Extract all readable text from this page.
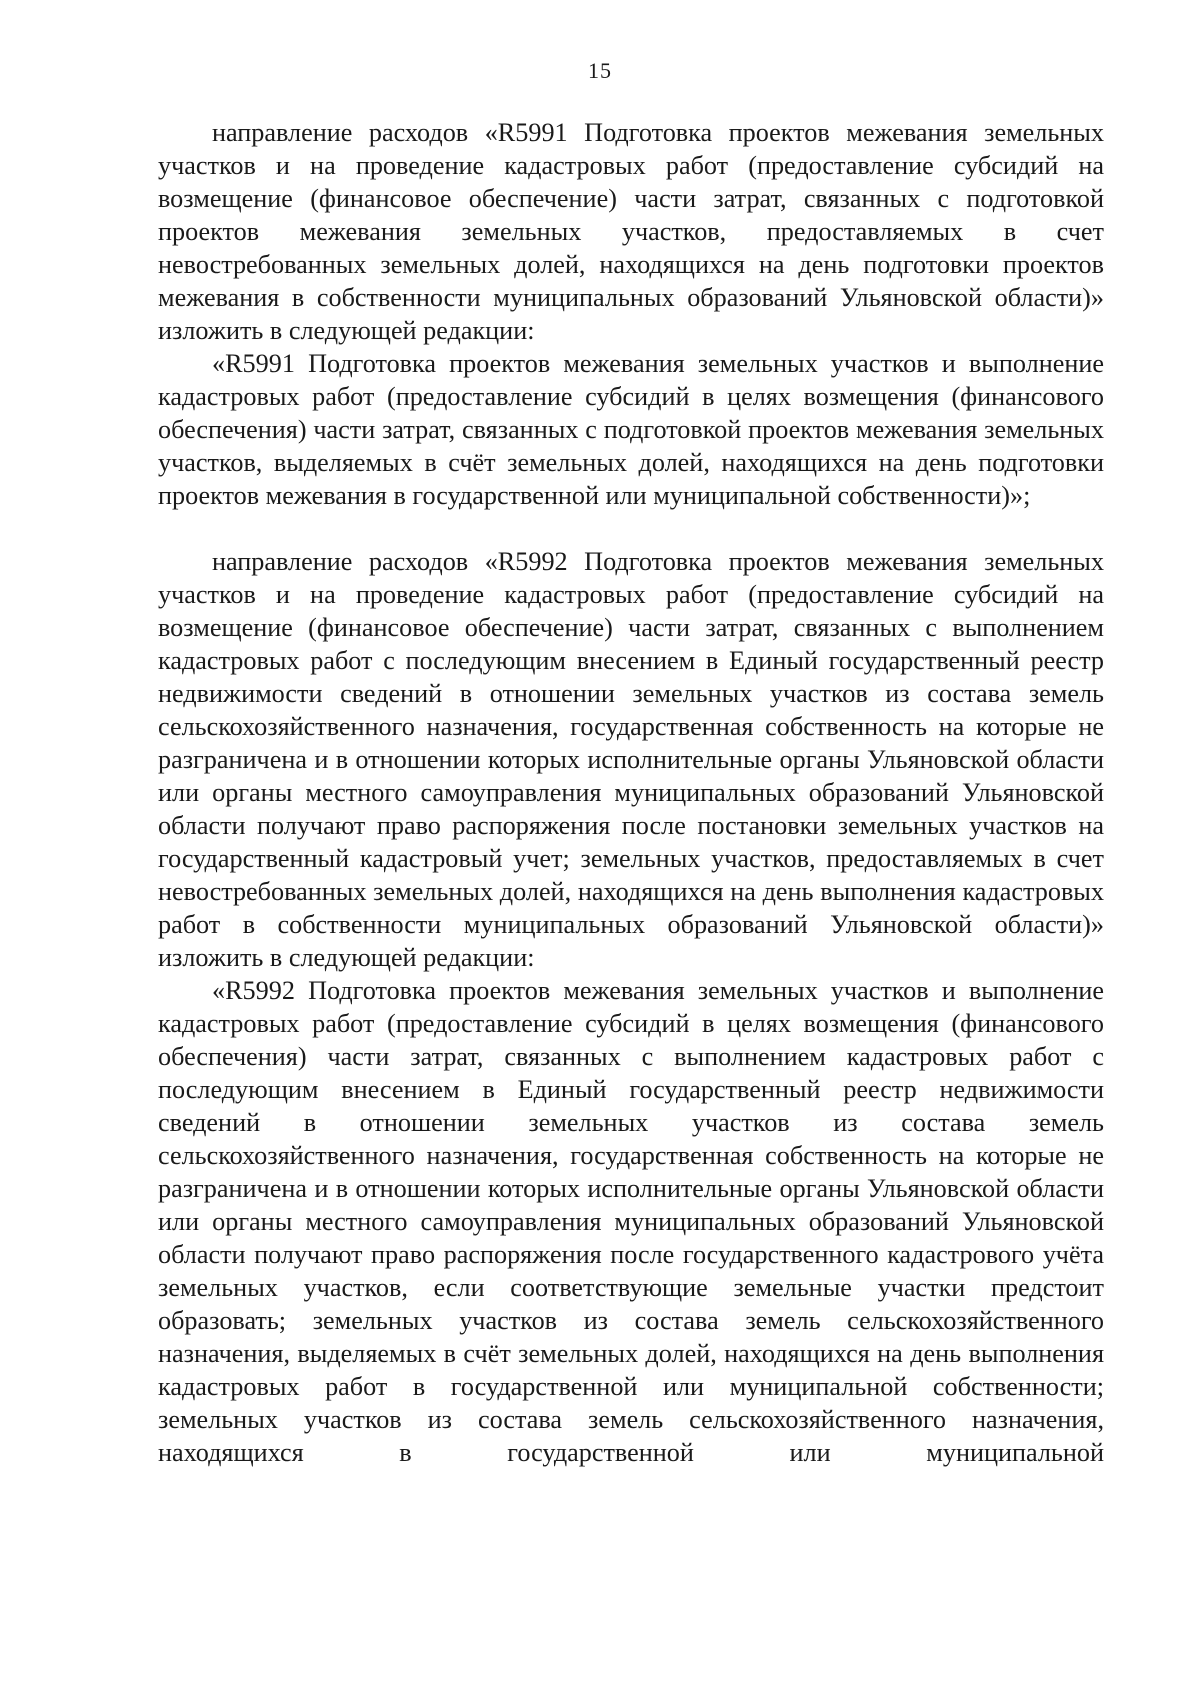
15

направление расходов «R5991 Подготовка проектов межевания земельных участков и на проведение кадастровых работ (предоставление субсидий на возмещение (финансовое обеспечение) части затрат, связанных с подготовкой проектов межевания земельных участков, предоставляемых в счет невостребованных земельных долей, находящихся на день подготовки проектов межевания в собственности муниципальных образований Ульяновской области)» изложить в следующей редакции:

«R5991 Подготовка проектов межевания земельных участков и выполнение кадастровых работ (предоставление субсидий в целях возмещения (финансового обеспечения) части затрат, связанных с подготовкой проектов межевания земельных участков, выделяемых в счёт земельных долей, находящихся на день подготовки проектов межевания в государственной или муниципальной собственности)»;

направление расходов «R5992 Подготовка проектов межевания земельных участков и на проведение кадастровых работ (предоставление субсидий на возмещение (финансовое обеспечение) части затрат, связанных с выполнением кадастровых работ с последующим внесением в Единый государственный реестр недвижимости сведений в отношении земельных участков из состава земель сельскохозяйственного назначения, государственная собственность на которые не разграничена и в отношении которых исполнительные органы Ульяновской области или органы местного самоуправления муниципальных образований Ульяновской области получают право распоряжения после постановки земельных участков на государственный кадастровый учет; земельных участков, предоставляемых в счет невостребованных земельных долей, находящихся на день выполнения кадастровых работ в собственности муниципальных образований Ульяновской области)» изложить в следующей редакции:

«R5992 Подготовка проектов межевания земельных участков и выполнение кадастровых работ (предоставление субсидий в целях возмещения (финансового обеспечения) части затрат, связанных с выполнением кадастровых работ с последующим внесением в Единый государственный реестр недвижимости сведений в отношении земельных участков из состава земель сельскохозяйственного назначения, государственная собственность на которые не разграничена и в отношении которых исполнительные органы Ульяновской области или органы местного самоуправления муниципальных образований Ульяновской области получают право распоряжения после государственного кадастрового учёта земельных участков, если соответствующие земельные участки предстоит образовать; земельных участков из состава земель сельскохозяйственного назначения, выделяемых в счёт земельных долей, находящихся на день выполнения кадастровых работ в государственной или муниципальной собственности; земельных участков из состава земель сельскохозяйственного назначения, находящихся в государственной или муниципальной
